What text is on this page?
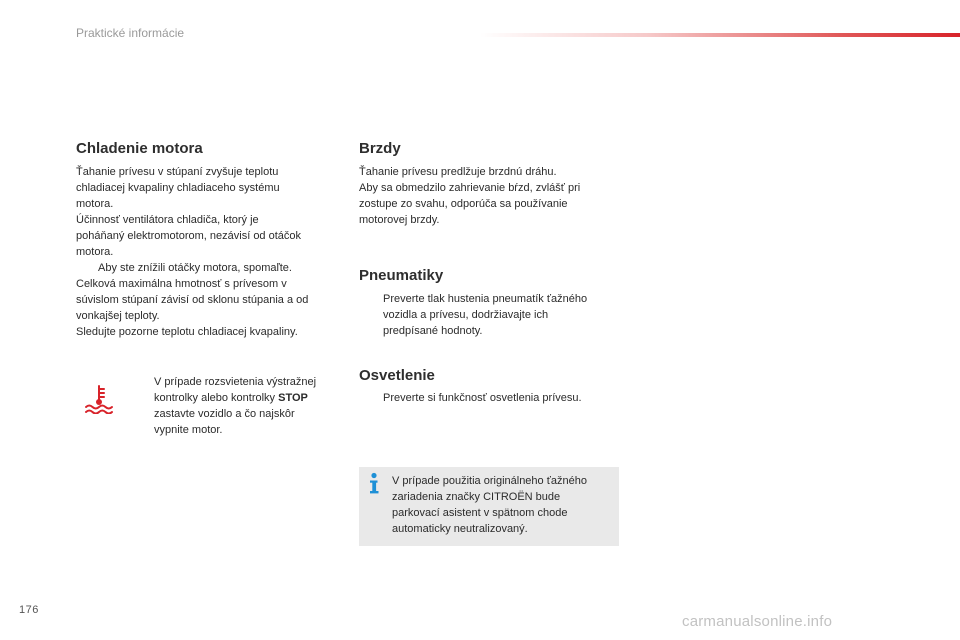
Praktické informácie
Chladenie motora
Ťahanie prívesu v stúpaní zvyšuje teplotu
chladiacej kvapaliny chladiaceho systému
motora.
Účinnosť ventilátora chladiča, ktorý je
poháňaný elektromotorom, nezávisí od otáčok
motora.
Aby ste znížili otáčky motora, spomaľte.
Celková maximálna hmotnosť s prívesom v
súvislom stúpaní závisí od sklonu stúpania a od
vonkajšej teploty.
Sledujte pozorne teplotu chladiacej kvapaliny.
V prípade rozsvietenia výstražnej
kontrolky alebo kontrolky STOP
zastavte vozidlo a čo najskôr
vypnite motor.
Brzdy
Ťahanie prívesu predlžuje brzdnú dráhu.
Aby sa obmedzilo zahrievanie bŕzd, zvlášť pri
zostupe zo svahu, odporúča sa používanie
motorovej brzdy.
Pneumatiky
Preverte tlak hustenia pneumatík ťažného
vozidla a prívesu, dodržiavajte ich
predpísané hodnoty.
Osvetlenie
Preverte si funkčnosť osvetlenia prívesu.
V prípade použitia originálneho ťažného
zariadenia značky CITROËN bude
parkovací asistent v spätnom chode
automaticky neutralizovaný.
176
carmanualsonline.info
